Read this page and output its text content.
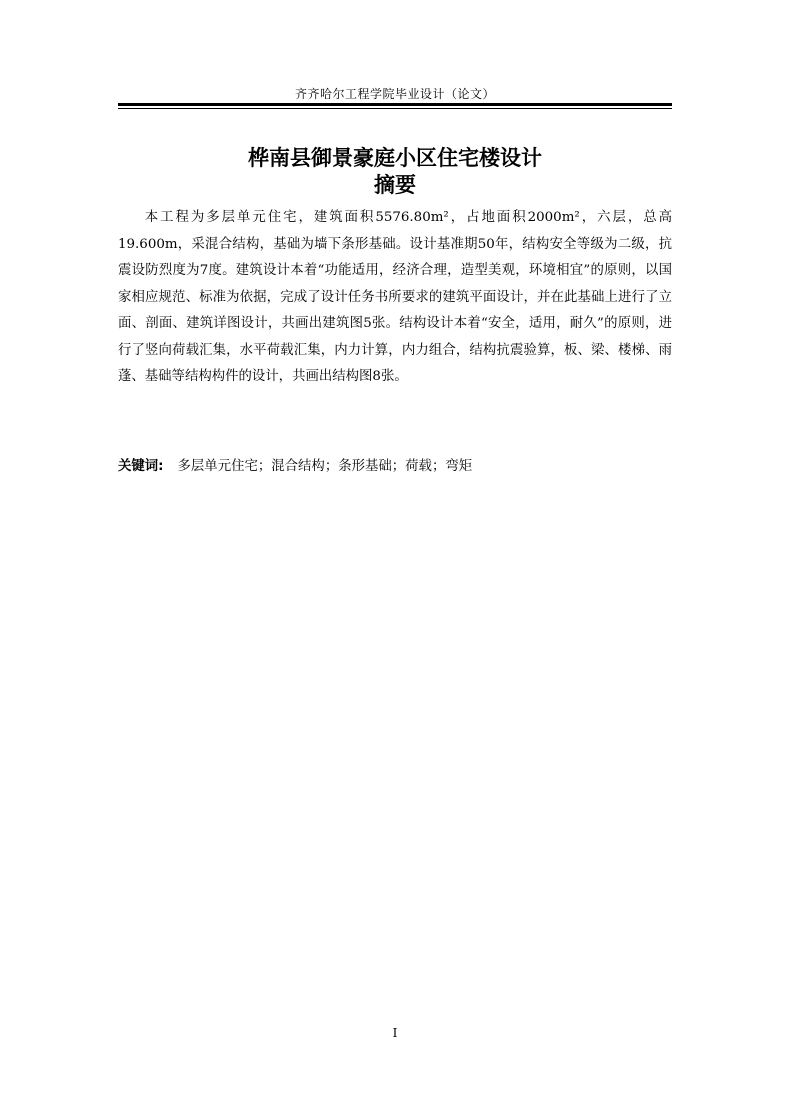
齐齐哈尔工程学院毕业设计（论文）
桦南县御景豪庭小区住宅楼设计
摘要

本工程为多层单元住宅，建筑面积5576.80m²，占地面积2000m²，六层，总高19.600m，采混合结构，基础为墙下条形基础。设计基准期50年，结构安全等级为二级，抗震设防烈度为7度。建筑设计本着“功能适用，经济合理，造型美观，环境相宜”的原则，以国家相应规范、标准为依据，完成了设计任务书所要求的建筑平面设计，并在此基础上进行了立面、剖面、建筑详图设计，共画出建筑图5张。结构设计本着“安全，适用，耐久”的原则，进行了竖向荷载汇集，水平荷载汇集，内力计算，内力组合，结构抗震验算，板、梁、楼梯、雨蓬、基础等结构构件的设计，共画出结构图8张。

关键词: 多层单元住宅；混合结构；条形基础；荷载；弯矩
I
